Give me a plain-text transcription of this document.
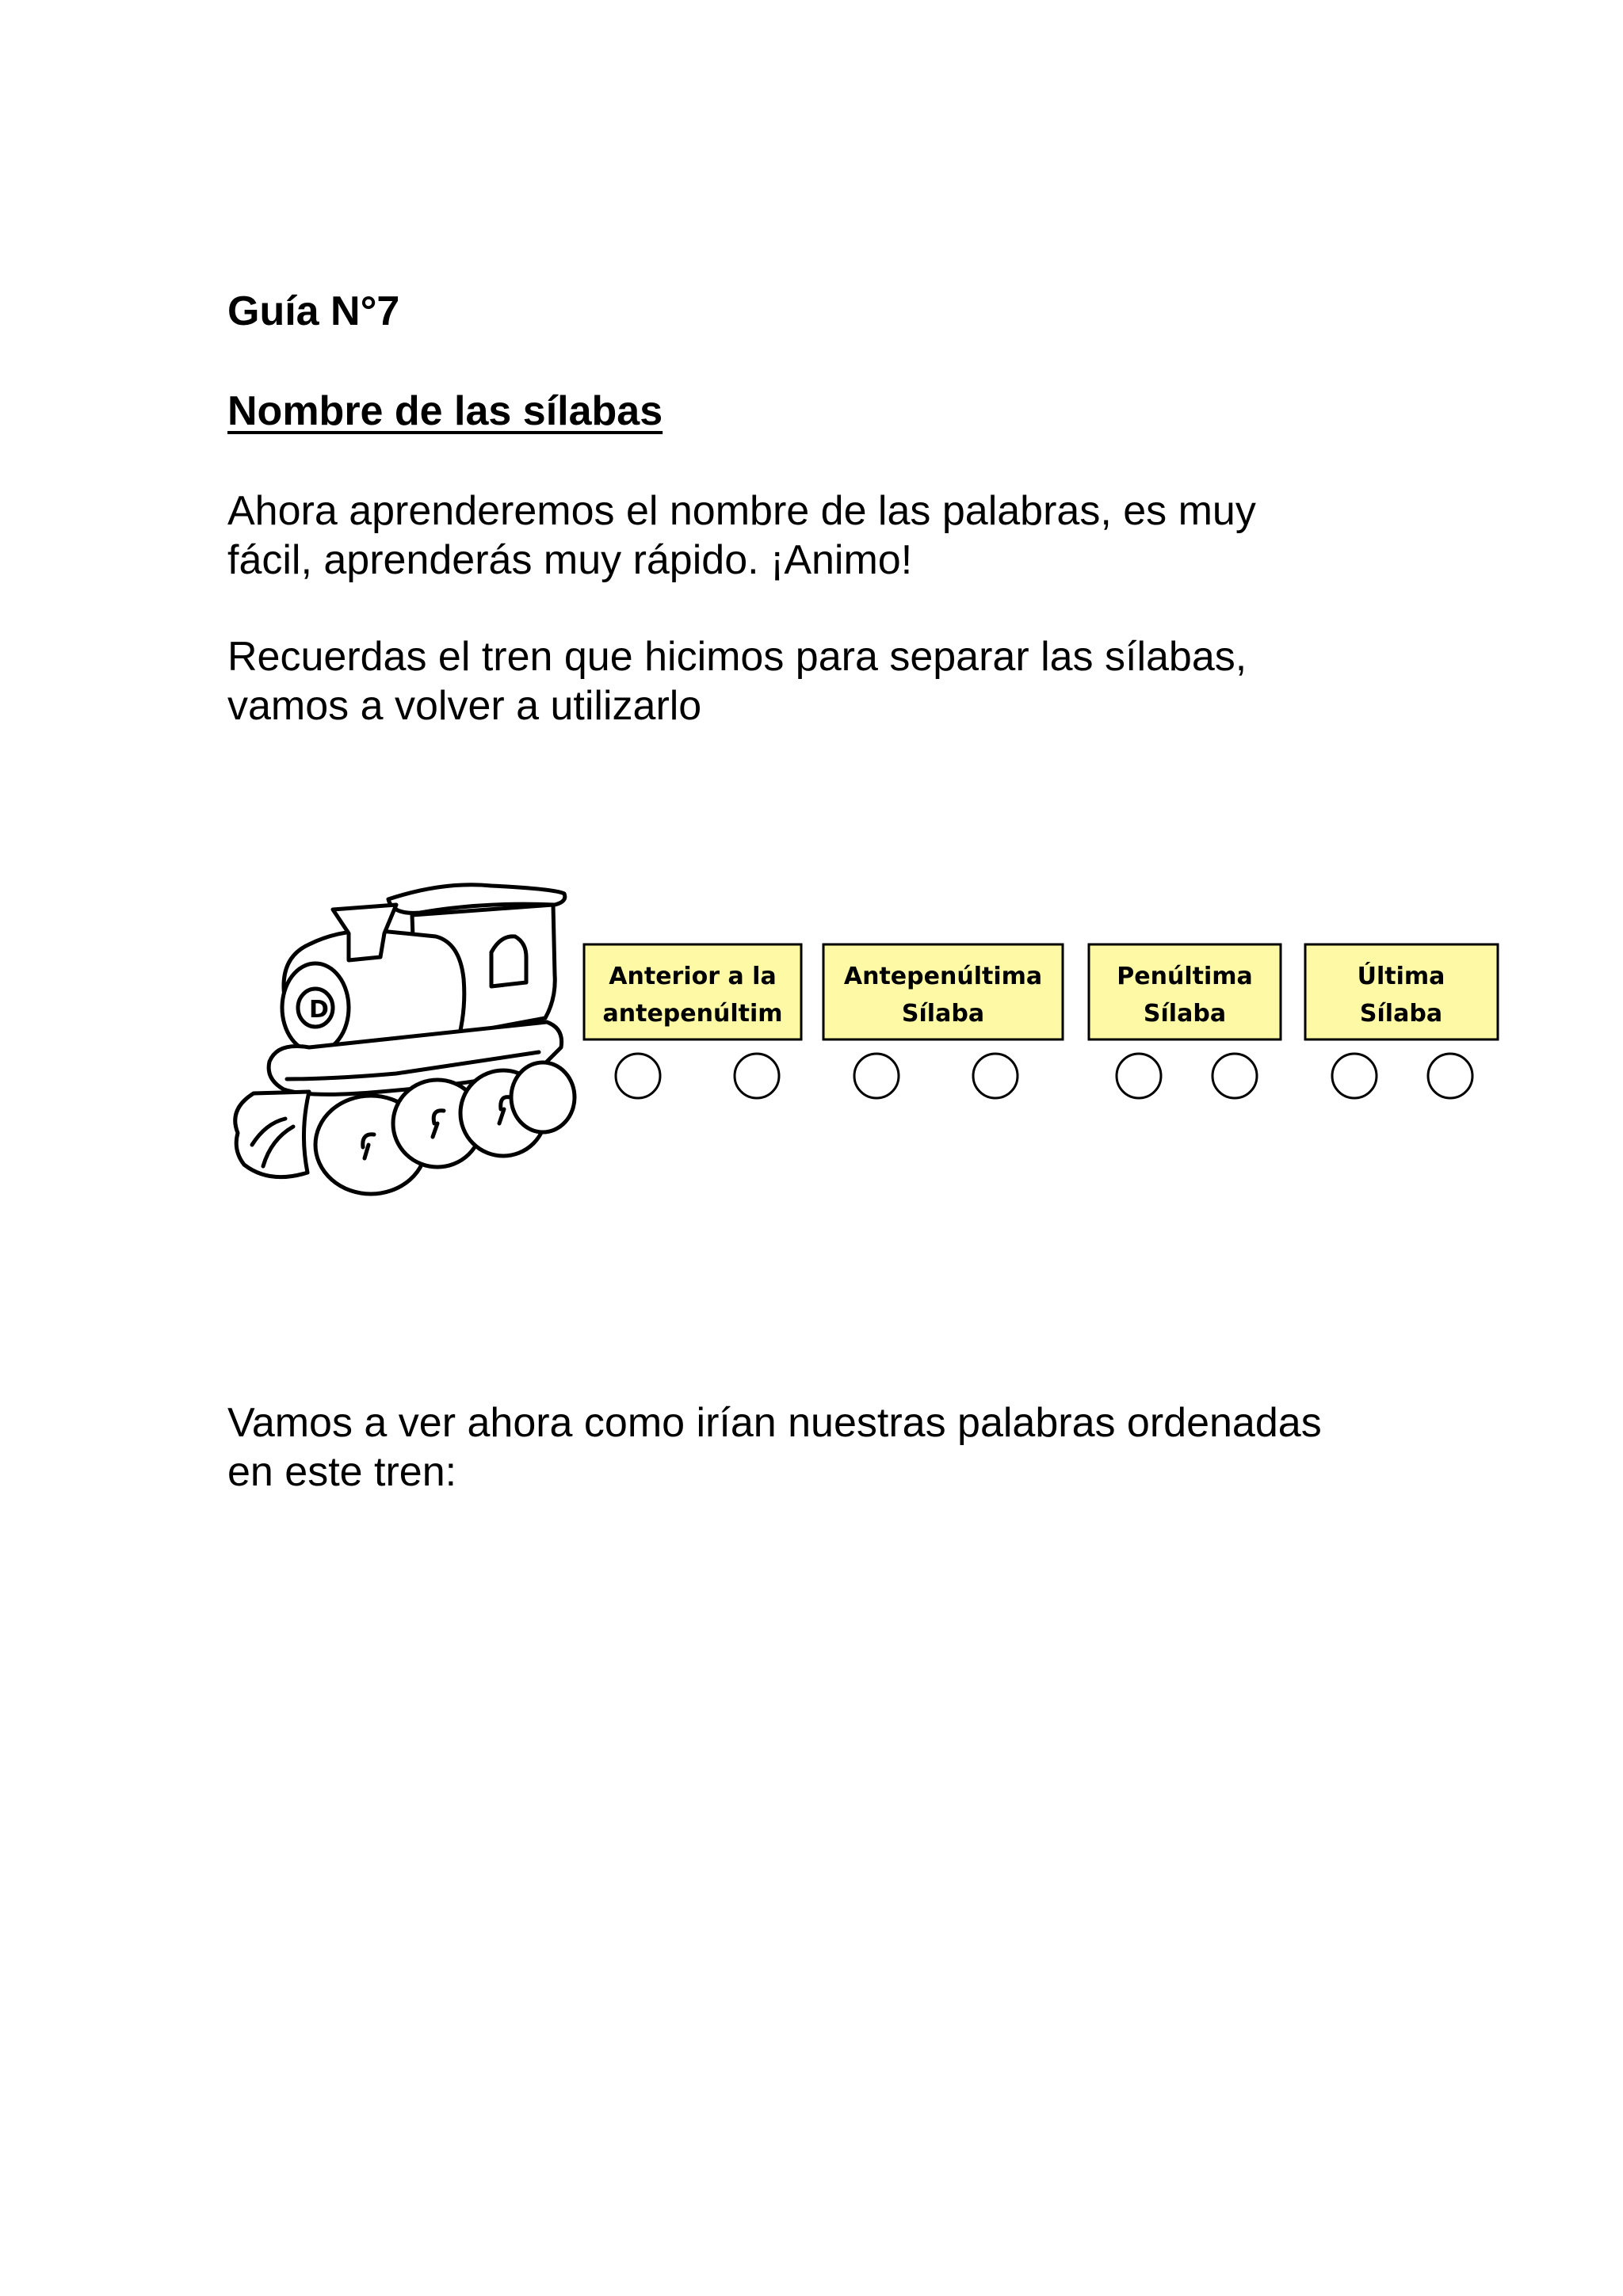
Guía N°7
Nombre de las sílabas

Ahora aprenderemos el nombre de las palabras, es muy
fácil, aprenderás muy rápido. ¡Animo!

Recuerdas el tren que hicimos para separar las sílabas,
vamos a volver a utilizarlo

D
Anterior a la
antepenúltim
Antepenúltima
Sílaba
Penúltima
Sílaba
Última
Sílaba

Vamos a ver ahora como irían nuestras palabras ordenadas
en este tren:
